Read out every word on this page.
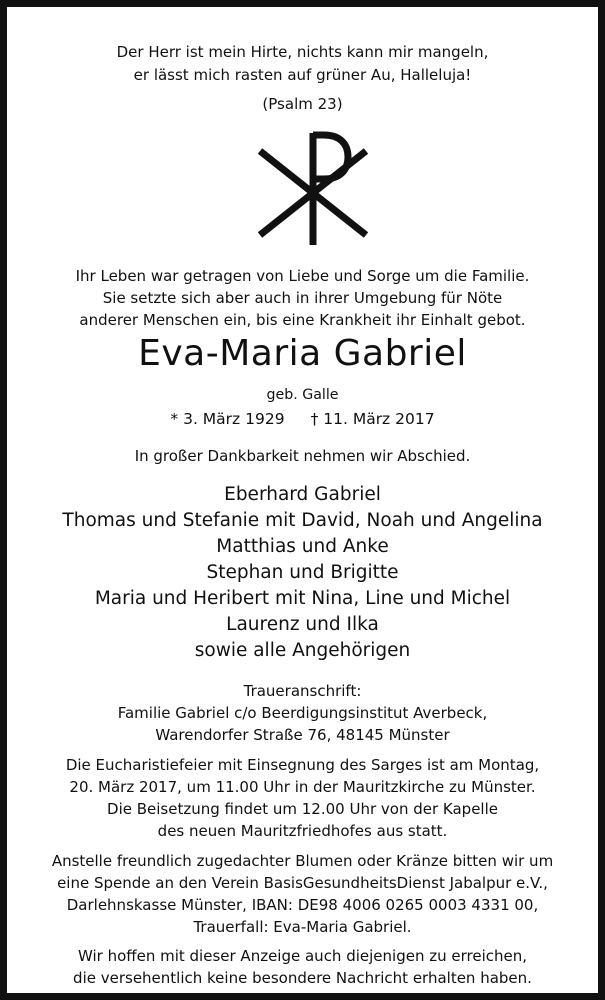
Der Herr ist mein Hirte, nichts kann mir mangeln,
er lässt mich rasten auf grüner Au, Halleluja!
(Psalm 23)
Ihr Leben war getragen von Liebe und Sorge um die Familie.
Sie setzte sich aber auch in ihrer Umgebung für Nöte
anderer Menschen ein, bis eine Krankheit ihr Einhalt gebot.
Eva-Maria Gabriel
geb. Galle
* 3. März 1929 † 11. März 2017
In großer Dankbarkeit nehmen wir Abschied.
Eberhard Gabriel
Thomas und Stefanie mit David, Noah und Angelina
Matthias und Anke
Stephan und Brigitte
Maria und Heribert mit Nina, Line und Michel
Laurenz und Ilka
sowie alle Angehörigen
Traueranschrift:
Familie Gabriel c/o Beerdigungsinstitut Averbeck,
Warendorfer Straße 76, 48145 Münster
Die Eucharistiefeier mit Einsegnung des Sarges ist am Montag,
20. März 2017, um 11.00 Uhr in der Mauritzkirche zu Münster.
Die Beisetzung findet um 12.00 Uhr von der Kapelle
des neuen Mauritzfriedhofes aus statt.
Anstelle freundlich zugedachter Blumen oder Kränze bitten wir um
eine Spende an den Verein BasisGesundheitsDienst Jabalpur e.V.,
Darlehnskasse Münster, IBAN: DE98 4006 0265 0003 4331 00,
Trauerfall: Eva-Maria Gabriel.
Wir hoffen mit dieser Anzeige auch diejenigen zu erreichen,
die versehentlich keine besondere Nachricht erhalten haben.
